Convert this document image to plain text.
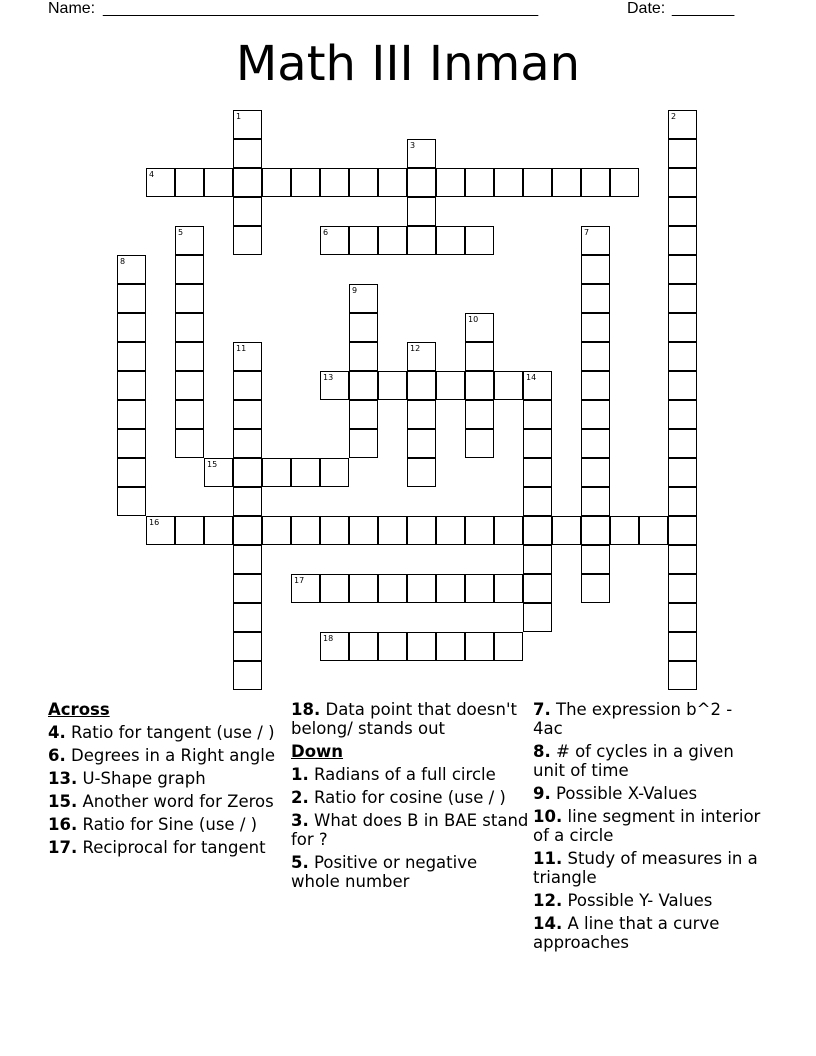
Name: __________________________________________________	Date: _______
Math III Inman
1	2
3
4
5	6	7
8
9
10
11	12
13	14
15
16
17
18
Across
4. Ratio for tangent (use / )
6. Degrees in a Right angle
13. U-Shape graph
15. Another word for Zeros
16. Ratio for Sine (use / )
17. Reciprocal for tangent
18. Data point that doesn't belong/ stands out
Down
1. Radians of a full circle
2. Ratio for cosine (use / )
3. What does B in BAE stand for ?
5. Positive or negative whole number
7. The expression b^2 - 4ac
8. # of cycles in a given unit of time
9. Possible X-Values
10. line segment in interior of a circle
11. Study of measures in a triangle
12. Possible Y- Values
14. A line that a curve approaches
